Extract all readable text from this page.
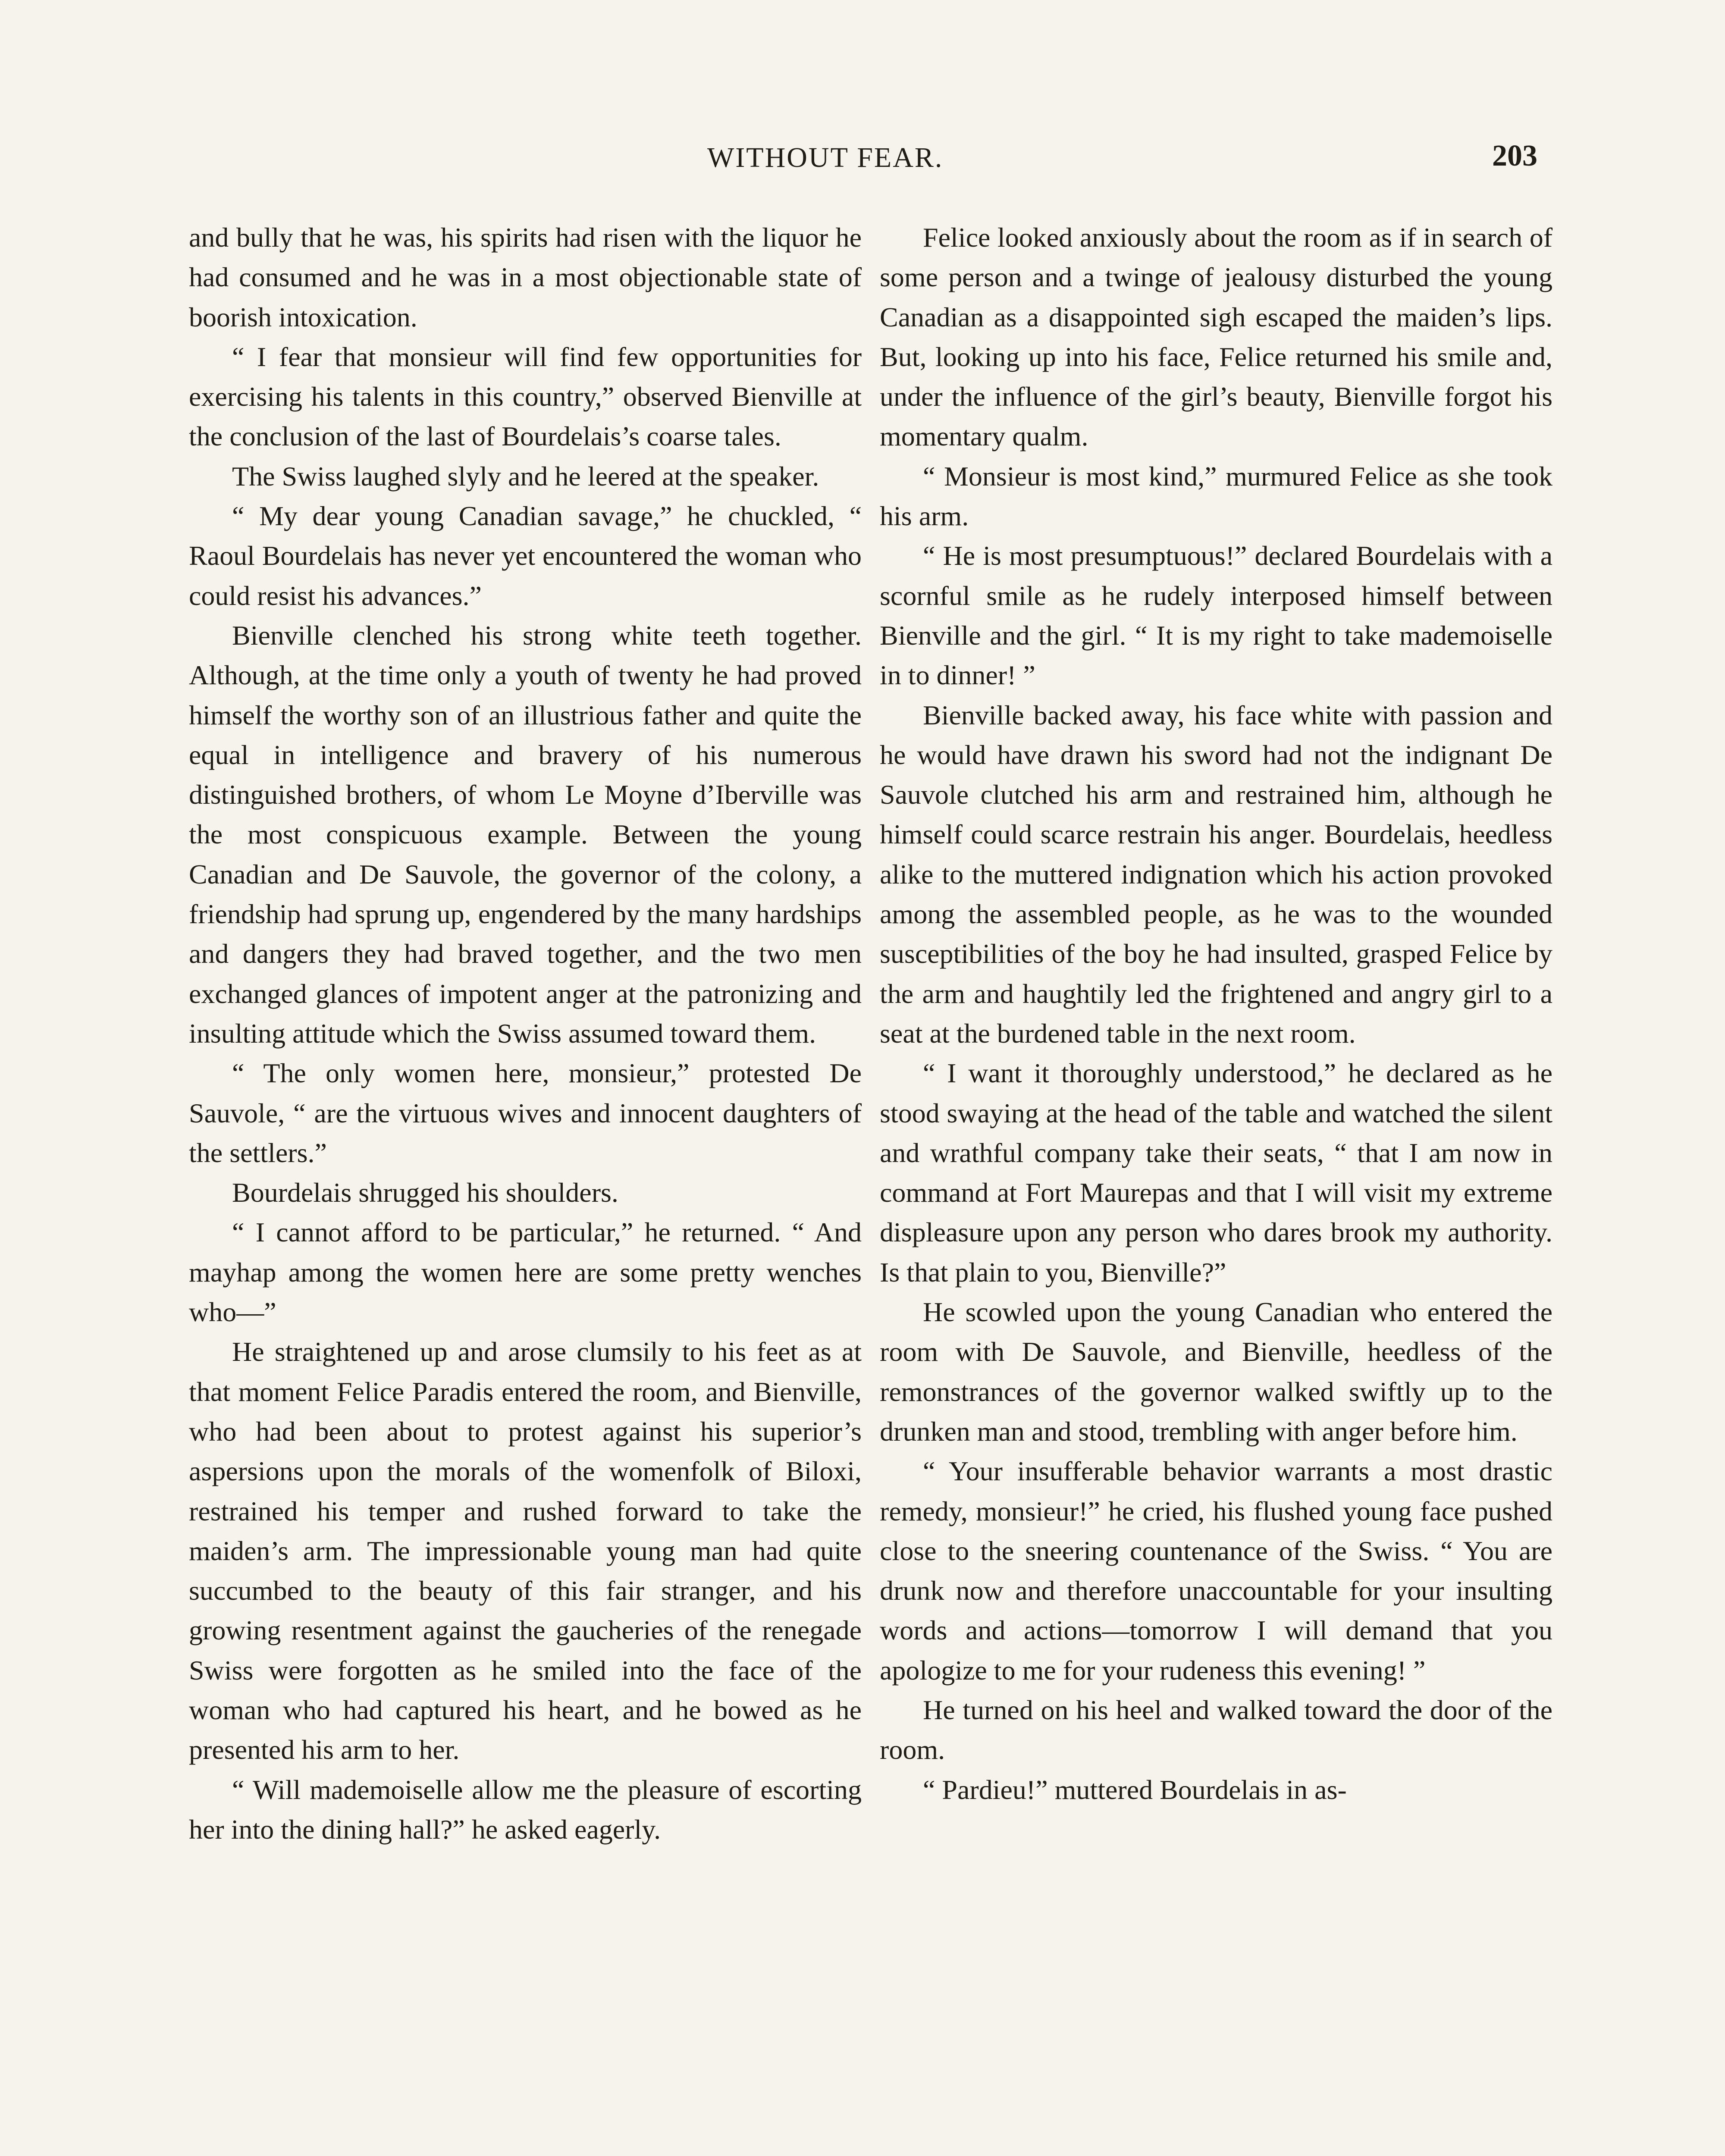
WITHOUT FEAR.	203

and bully that he was, his spirits had risen with the liquor he had consumed and he was in a most objectionable state of boorish intoxication.

“ I fear that monsieur will find few opportunities for exercising his talents in this country,” observed Bienville at the conclusion of the last of Bourdelais’s coarse tales.

The Swiss laughed slyly and he leered at the speaker.

“ My dear young Canadian savage,” he chuckled, “ Raoul Bourdelais has never yet encountered the woman who could resist his advances.”

Bienville clenched his strong white teeth together. Although, at the time only a youth of twenty he had proved himself the worthy son of an illustrious father and quite the equal in intelligence and bravery of his numerous distinguished brothers, of whom Le Moyne d’Iberville was the most conspicuous example. Between the young Canadian and De Sauvole, the governor of the colony, a friendship had sprung up, engendered by the many hardships and dangers they had braved together, and the two men exchanged glances of impotent anger at the patronizing and insulting attitude which the Swiss assumed toward them.

“ The only women here, monsieur,” protested De Sauvole, “ are the virtuous wives and innocent daughters of the settlers.”

Bourdelais shrugged his shoulders.

“ I cannot afford to be particular,” he returned. “ And mayhap among the women here are some pretty wenches who—”

He straightened up and arose clumsily to his feet as at that moment Felice Paradis entered the room, and Bienville, who had been about to protest against his superior’s aspersions upon the morals of the womenfolk of Biloxi, restrained his temper and rushed forward to take the maiden’s arm. The impressionable young man had quite succumbed to the beauty of this fair stranger, and his growing resentment against the gaucheries of the renegade Swiss were forgotten as he smiled into the face of the woman who had captured his heart, and he bowed as he presented his arm to her.

“ Will mademoiselle allow me the pleasure of escorting her into the dining hall?” he asked eagerly.

Felice looked anxiously about the room as if in search of some person and a twinge of jealousy disturbed the young Canadian as a disappointed sigh escaped the maiden’s lips. But, looking up into his face, Felice returned his smile and, under the influence of the girl’s beauty, Bienville forgot his momentary qualm.

“ Monsieur is most kind,” murmured Felice as she took his arm.

“ He is most presumptuous!” declared Bourdelais with a scornful smile as he rudely interposed himself between Bienville and the girl. “ It is my right to take mademoiselle in to dinner! ”

Bienville backed away, his face white with passion and he would have drawn his sword had not the indignant De Sauvole clutched his arm and restrained him, although he himself could scarce restrain his anger. Bourdelais, heedless alike to the muttered indignation which his action provoked among the assembled people, as he was to the wounded susceptibilities of the boy he had insulted, grasped Felice by the arm and haughtily led the frightened and angry girl to a seat at the burdened table in the next room.

“ I want it thoroughly understood,” he declared as he stood swaying at the head of the table and watched the silent and wrathful company take their seats, “ that I am now in command at Fort Maurepas and that I will visit my extreme displeasure upon any person who dares brook my authority. Is that plain to you, Bienville?”

He scowled upon the young Canadian who entered the room with De Sauvole, and Bienville, heedless of the remonstrances of the governor walked swiftly up to the drunken man and stood, trembling with anger before him.

“ Your insufferable behavior warrants a most drastic remedy, monsieur!” he cried, his flushed young face pushed close to the sneering countenance of the Swiss. “ You are drunk now and therefore unaccountable for your insulting words and actions—tomorrow I will demand that you apologize to me for your rudeness this evening! ”

He turned on his heel and walked toward the door of the room.

“ Pardieu!” muttered Bourdelais in as-
